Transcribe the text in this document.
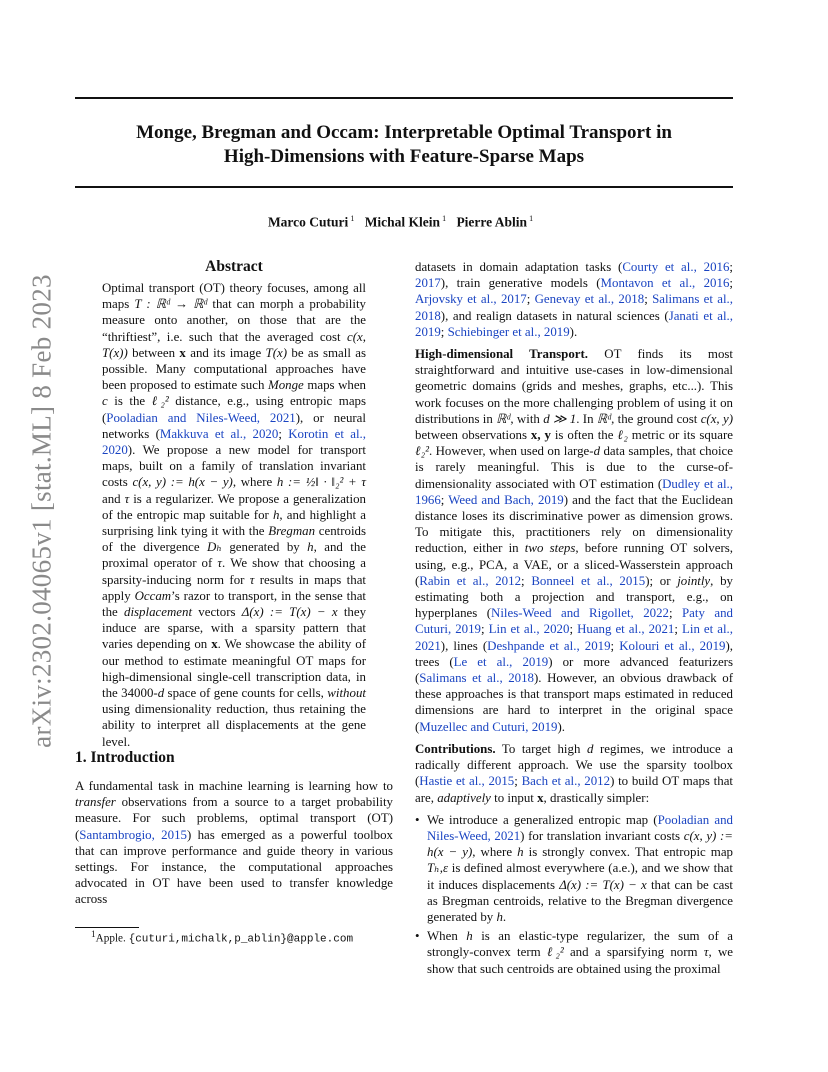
Monge, Bregman and Occam: Interpretable Optimal Transport in
High-Dimensions with Feature-Sparse Maps
Marco Cuturi $^1$ Michal Klein $^1$ Pierre Ablin $^1$
arXiv:2302.04065v1 [stat.ML] 8 Feb 2023
Abstract
Optimal transport (OT) theory focuses, among all maps T : ℝᵈ → ℝᵈ that can morph a probability measure onto another, on those that are the “thriftiest”, i.e. such that the averaged cost c(x, T(x)) between x and its image T(x) be as small as possible. Many computational approaches have been proposed to estimate such Monge maps when c is the ℓ₂² distance, e.g., using entropic maps (Pooladian and Niles-Weed, 2021), or neural networks (Makkuva et al., 2020; Korotin et al., 2020). We propose a new model for transport maps, built on a family of translation invariant costs c(x, y) := h(x − y), where h := ½‖ · ‖₂² + τ and τ is a regularizer. We propose a generalization of the entropic map suitable for h, and highlight a surprising link tying it with the Bregman centroids of the divergence Dₕ generated by h, and the proximal operator of τ. We show that choosing a sparsity-inducing norm for τ results in maps that apply Occam’s razor to transport, in the sense that the displacement vectors Δ(x) := T(x) − x they induce are sparse, with a sparsity pattern that varies depending on x. We showcase the ability of our method to estimate meaningful OT maps for high-dimensional single-cell transcription data, in the 34000-d space of gene counts for cells, without using dimensionality reduction, thus retaining the ability to interpret all displacements at the gene level.
1. Introduction
A fundamental task in machine learning is learning how to transfer observations from a source to a target probability measure. For such problems, optimal transport (OT) (Santambrogio, 2015) has emerged as a powerful toolbox that can improve performance and guide theory in various settings. For instance, the computational approaches advocated in OT have been used to transfer knowledge across
$^1$Apple. {cuturi,michalk,p_ablin}@apple.com

datasets in domain adaptation tasks (Courty et al., 2016; 2017), train generative models (Montavon et al., 2016; Arjovsky et al., 2017; Genevay et al., 2018; Salimans et al., 2018), and realign datasets in natural sciences (Janati et al., 2019; Schiebinger et al., 2019).

High-dimensional Transport. OT finds its most straightforward and intuitive use-cases in low-dimensional geometric domains (grids and meshes, graphs, etc...). This work focuses on the more challenging problem of using it on distributions in ℝᵈ, with d ≫ 1. In ℝᵈ, the ground cost c(x, y) between observations x, y is often the ℓ₂ metric or its square ℓ₂². However, when used on large-d data samples, that choice is rarely meaningful. This is due to the curse-of-dimensionality associated with OT estimation (Dudley et al., 1966; Weed and Bach, 2019) and the fact that the Euclidean distance loses its discriminative power as dimension grows. To mitigate this, practitioners rely on dimensionality reduction, either in two steps, before running OT solvers, using, e.g., PCA, a VAE, or a sliced-Wasserstein approach (Rabin et al., 2012; Bonneel et al., 2015); or jointly, by estimating both a projection and transport, e.g., on hyperplanes (Niles-Weed and Rigollet, 2022; Paty and Cuturi, 2019; Lin et al., 2020; Huang et al., 2021; Lin et al., 2021), lines (Deshpande et al., 2019; Kolouri et al., 2019), trees (Le et al., 2019) or more advanced featurizers (Salimans et al., 2018). However, an obvious drawback of these approaches is that transport maps estimated in reduced dimensions are hard to interpret in the original space (Muzellec and Cuturi, 2019).

Contributions. To target high d regimes, we introduce a radically different approach. We use the sparsity toolbox (Hastie et al., 2015; Bach et al., 2012) to build OT maps that are, adaptively to input x, drastically simpler:

• We introduce a generalized entropic map (Pooladian and Niles-Weed, 2021) for translation invariant costs c(x, y) := h(x − y), where h is strongly convex. That entropic map Tₕ,ε is defined almost everywhere (a.e.), and we show that it induces displacements Δ(x) := T(x) − x that can be cast as Bregman centroids, relative to the Bregman divergence generated by h.
• When h is an elastic-type regularizer, the sum of a strongly-convex term ℓ₂² and a sparsifying norm τ, we show that such centroids are obtained using the proximal
